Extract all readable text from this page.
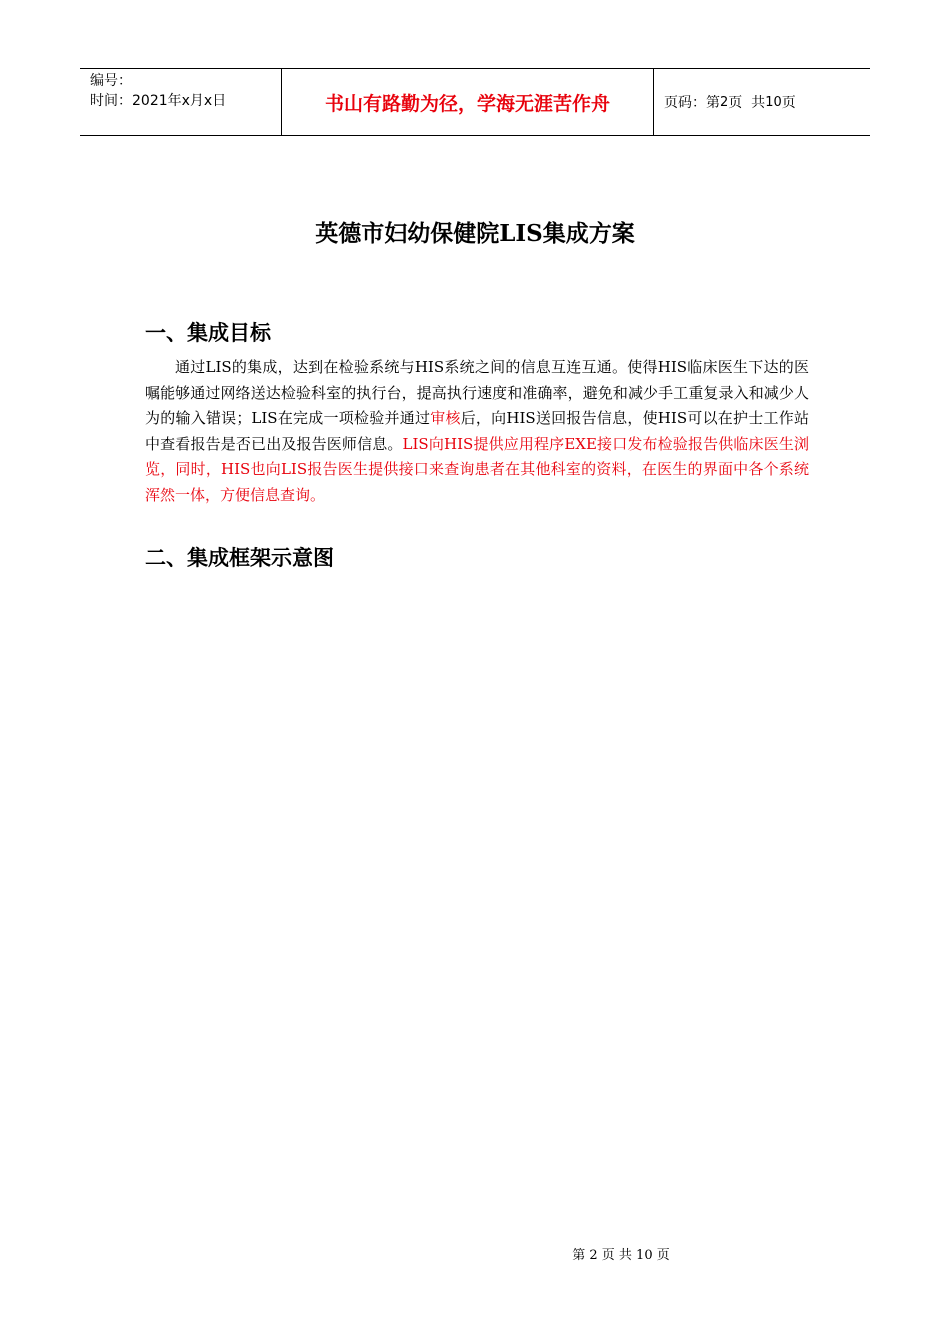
编号：
时间：2021年x月x日	书山有路勤为径，学海无涯苦作舟	页码：第 2 页  共 10 页
英德市妇幼保健院LIS集成方案
一、集成目标
通过LIS的集成，达到在检验系统与HIS系统之间的信息互连互通。使得HIS临床医生下达的医嘱能够通过网络送达检验科室的执行台，提高执行速度和准确率，避免和减少手工重复录入和减少人为的输入错误；LIS在完成一项检验并通过审核后，向HIS送回报告信息，使HIS可以在护士工作站中查看报告是否已出及报告医师信息。LIS向HIS提供应用程序EXE接口发布检验报告供临床医生浏览，同时，HIS也向LIS报告医生提供接口来查询患者在其他科室的资料，在医生的界面中各个系统浑然一体，方便信息查询。
二、集成框架示意图
第 2 页 共 10 页
